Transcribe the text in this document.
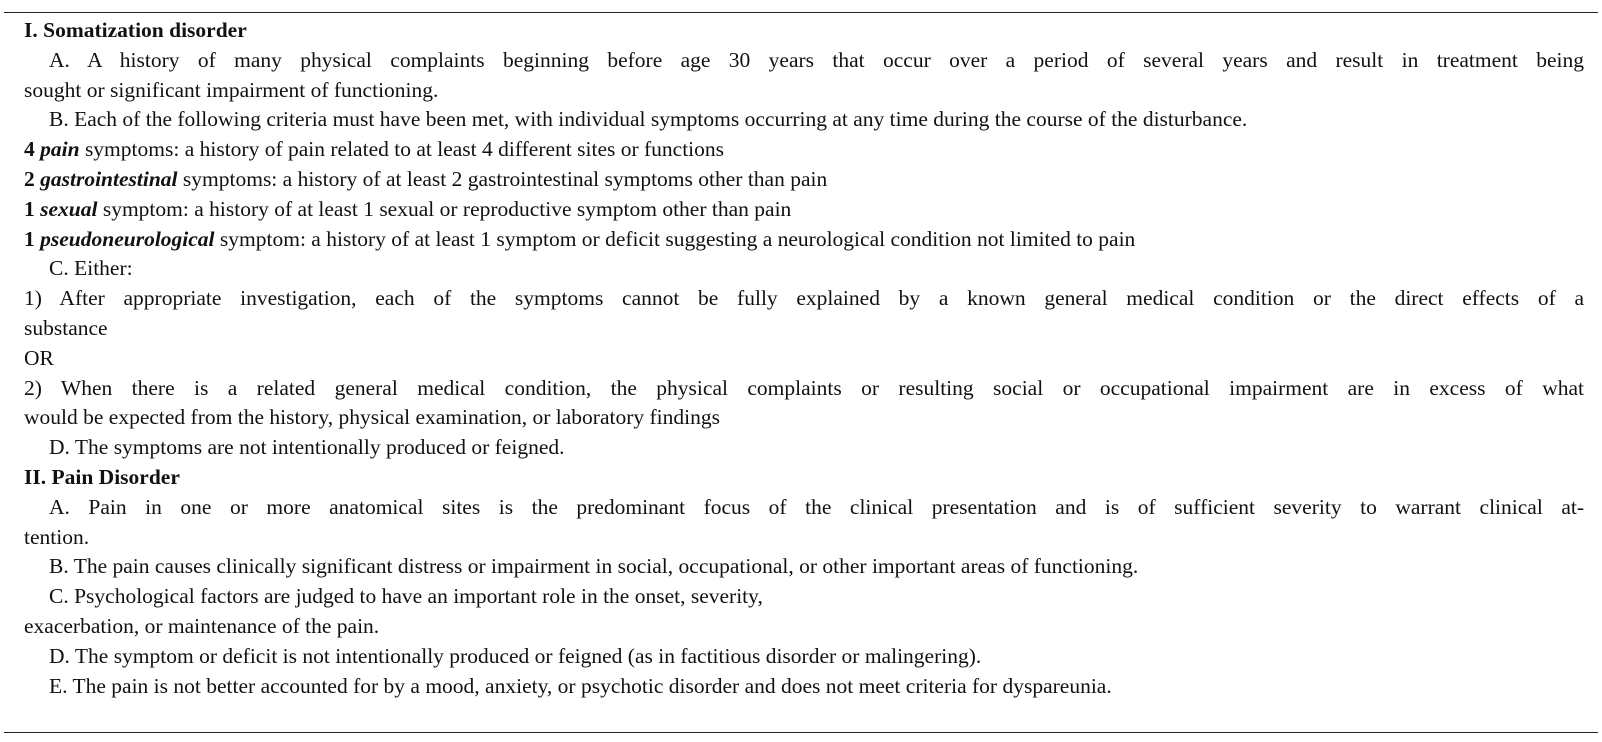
I. Somatization disorder
A. A history of many physical complaints beginning before age 30 years that occur over a period of several years and result in treatment being
sought or significant impairment of functioning.
B. Each of the following criteria must have been met, with individual symptoms occurring at any time during the course of the disturbance.
4 pain symptoms: a history of pain related to at least 4 different sites or functions
2 gastrointestinal symptoms: a history of at least 2 gastrointestinal symptoms other than pain
1 sexual symptom: a history of at least 1 sexual or reproductive symptom other than pain
1 pseudoneurological symptom: a history of at least 1 symptom or deficit suggesting a neurological condition not limited to pain
C. Either:
1) After appropriate investigation, each of the symptoms cannot be fully explained by a known general medical condition or the direct effects of a
substance
OR
2) When there is a related general medical condition, the physical complaints or resulting social or occupational impairment are in excess of what
would be expected from the history, physical examination, or laboratory findings
D. The symptoms are not intentionally produced or feigned.
II. Pain Disorder
A. Pain in one or more anatomical sites is the predominant focus of the clinical presentation and is of sufficient severity to warrant clinical at-
tention.
B. The pain causes clinically significant distress or impairment in social, occupational, or other important areas of functioning.
C. Psychological factors are judged to have an important role in the onset, severity,
exacerbation, or maintenance of the pain.
D. The symptom or deficit is not intentionally produced or feigned (as in factitious disorder or malingering).
E. The pain is not better accounted for by a mood, anxiety, or psychotic disorder and does not meet criteria for dyspareunia.
